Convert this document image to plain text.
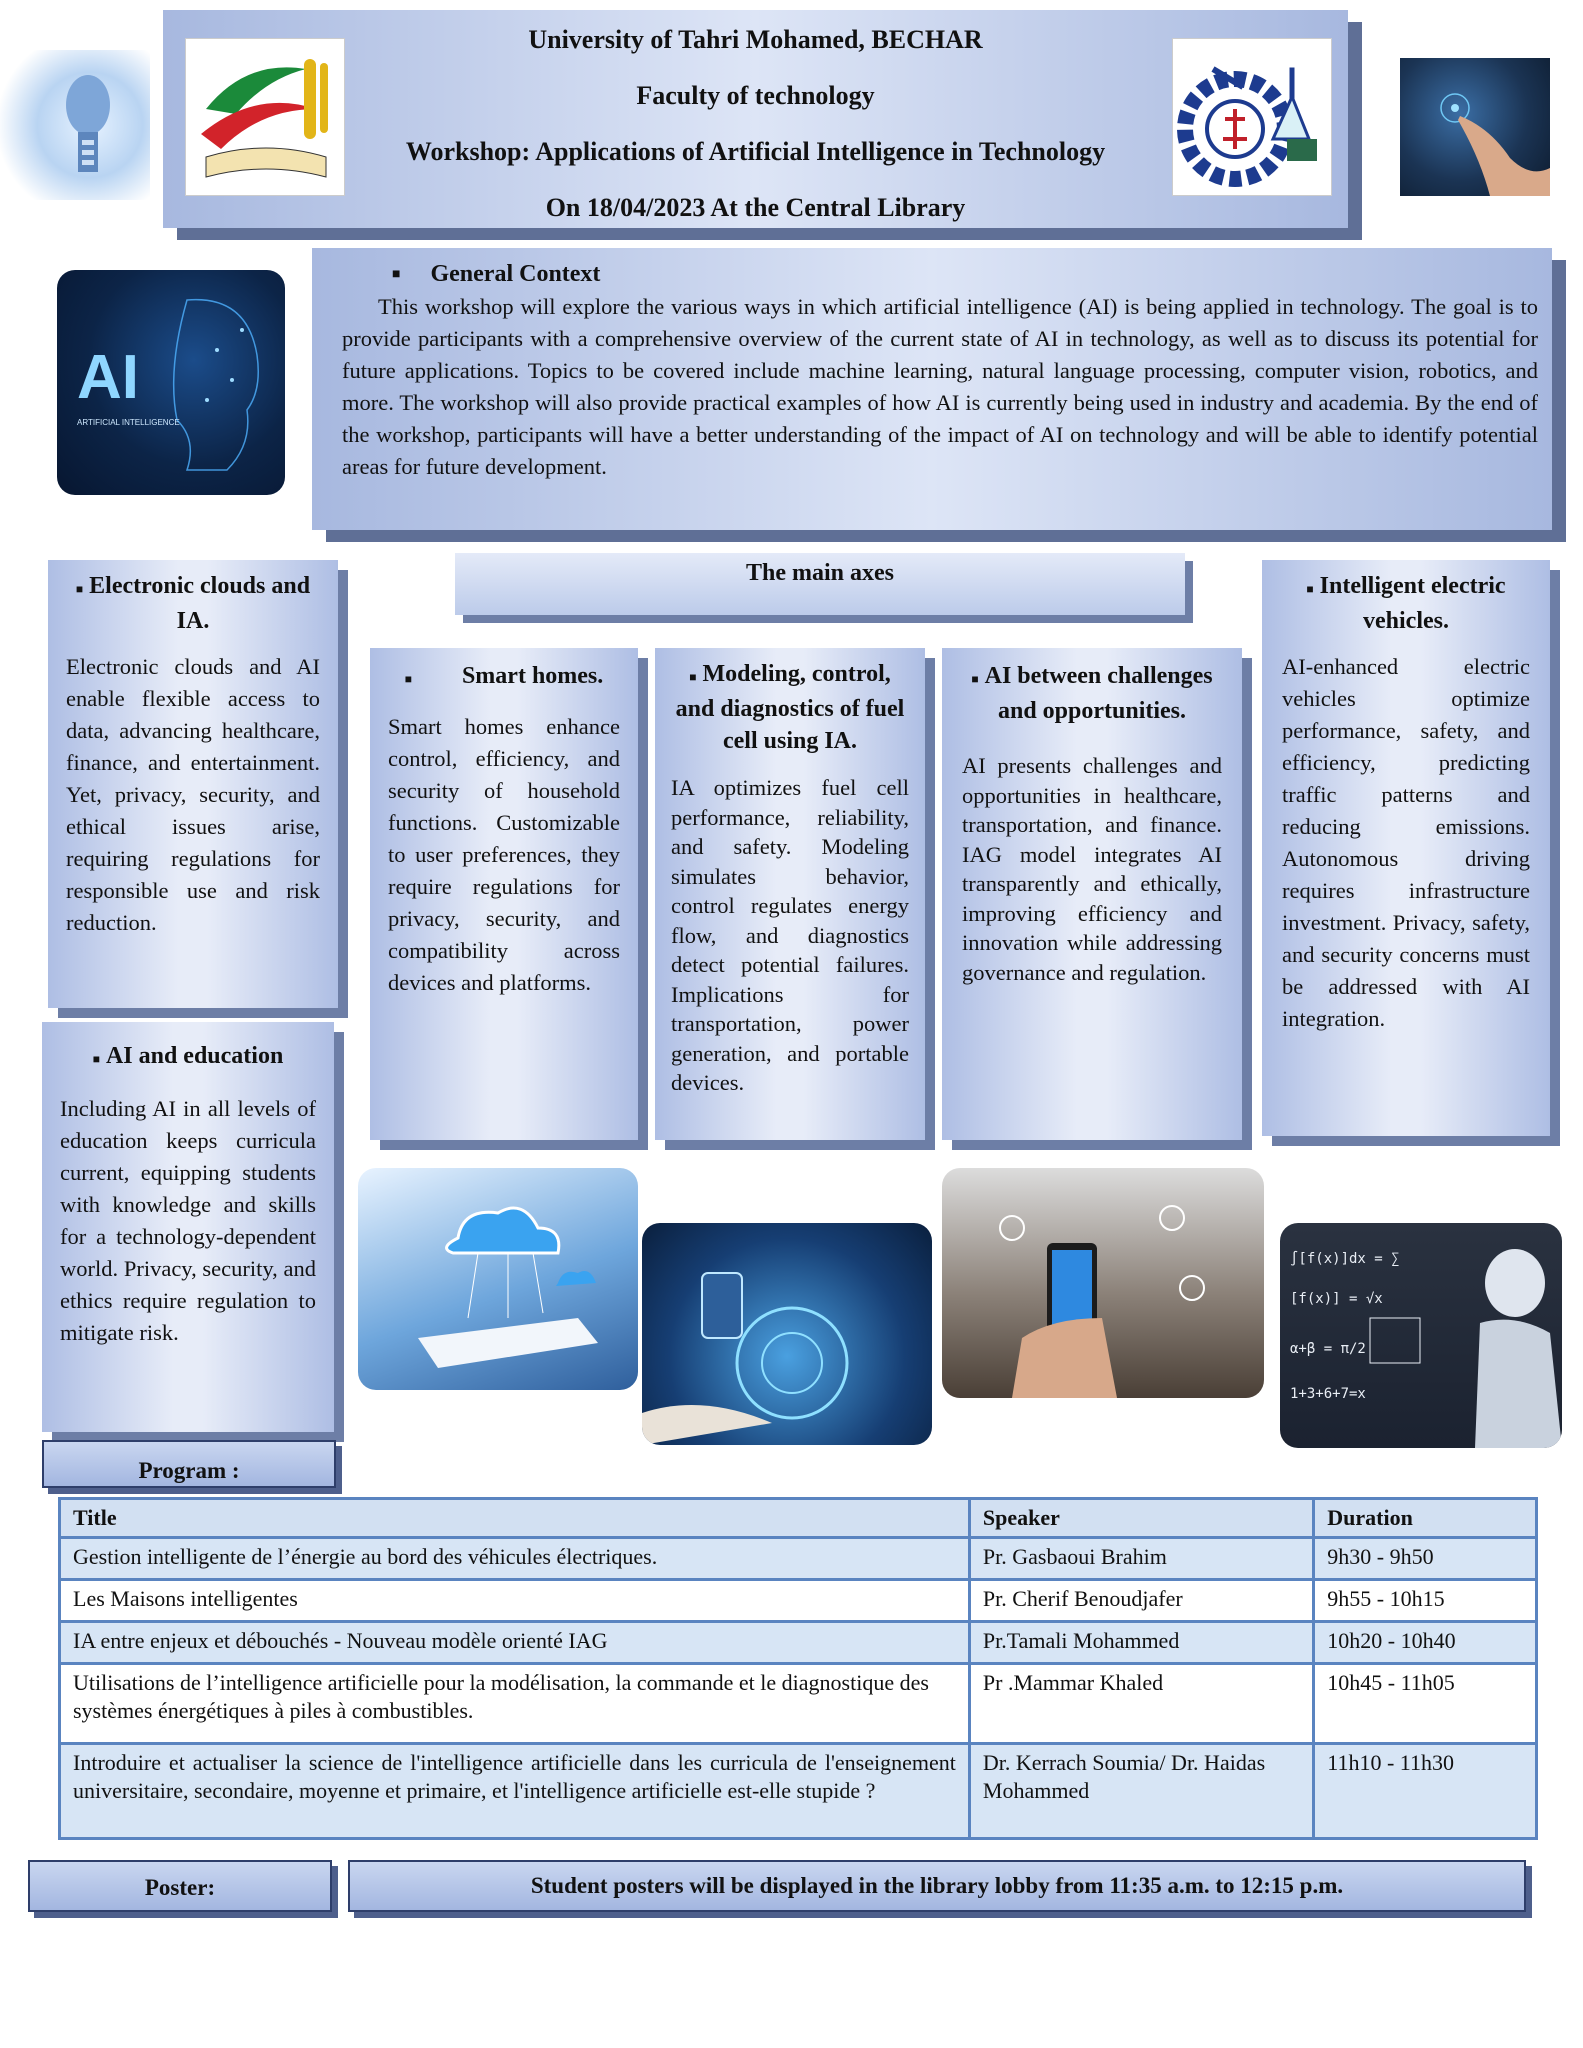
University of Tahri Mohamed, BECHAR

Faculty of technology

Workshop: Applications of Artificial Intelligence in Technology

On 18/04/2023 At the Central Library

AI
ARTIFICIAL INTELLIGENCE
■ General Context
This workshop will explore the various ways in which artificial intelligence (AI) is being applied in technology. The goal is to provide participants with a comprehensive overview of the current state of AI in technology, as well as to discuss its potential for future applications. Topics to be covered include machine learning, natural language processing, computer vision, robotics, and more. The workshop will also provide practical examples of how AI is currently being used in industry and academia. By the end of the workshop, participants will have a better understanding of the impact of AI on technology and will be able to identify potential areas for future development.
The main axes
■ Electronic clouds and IA.
Electronic clouds and AI enable flexible access to data, advancing healthcare, finance, and entertainment. Yet, privacy, security, and ethical issues arise, requiring regulations for responsible use and risk reduction.
■ AI and education
Including AI in all levels of education keeps curricula current, equipping students with knowledge and skills for a technology-dependent world. Privacy, security, and ethics require regulation to mitigate risk.
■ Smart homes.
Smart homes enhance control, efficiency, and security of household functions. Customizable to user preferences, they require regulations for privacy, security, and compatibility across devices and platforms.
■ Modeling, control, and diagnostics of fuel cell using IA.
IA optimizes fuel cell performance, reliability, and safety. Modeling simulates behavior, control regulates energy flow, and diagnostics detect potential failures. Implications for transportation, power generation, and portable devices.
■ AI between challenges and opportunities.
AI presents challenges and opportunities in healthcare, transportation, and finance. IAG model integrates AI transparently and ethically, improving efficiency and innovation while addressing governance and regulation.
■ Intelligent electric vehicles.
AI-enhanced electric vehicles optimize performance, safety, and efficiency, predicting traffic patterns and reducing emissions. Autonomous driving requires infrastructure investment. Privacy, safety, and security concerns must be addressed with AI integration.
∫[f(x)]dx = ∑
[f(x)] = √x
α+β = π/2
1+3+6+7=x
Program :
Title	Speaker	Duration
Gestion intelligente de l’énergie au bord des véhicules électriques.	Pr. Gasbaoui Brahim	9h30 - 9h50
Les Maisons intelligentes	Pr. Cherif Benoudjafer	9h55 - 10h15
IA entre enjeux et débouchés - Nouveau modèle orienté IAG	Pr.Tamali Mohammed	10h20 - 10h40
Utilisations de l’intelligence artificielle pour la modélisation, la commande et le diagnostique des systèmes énergétiques à piles à combustibles.	Pr .Mammar Khaled	10h45 - 11h05
Introduire et actualiser la science de l'intelligence artificielle dans les curricula de l'enseignement universitaire, secondaire, moyenne et primaire, et l'intelligence artificielle est-elle stupide ?	Dr. Kerrach Soumia/ Dr. Haidas Mohammed	11h10 - 11h30
Poster:	Student posters will be displayed in the library lobby from 11:35 a.m. to 12:15 p.m.
